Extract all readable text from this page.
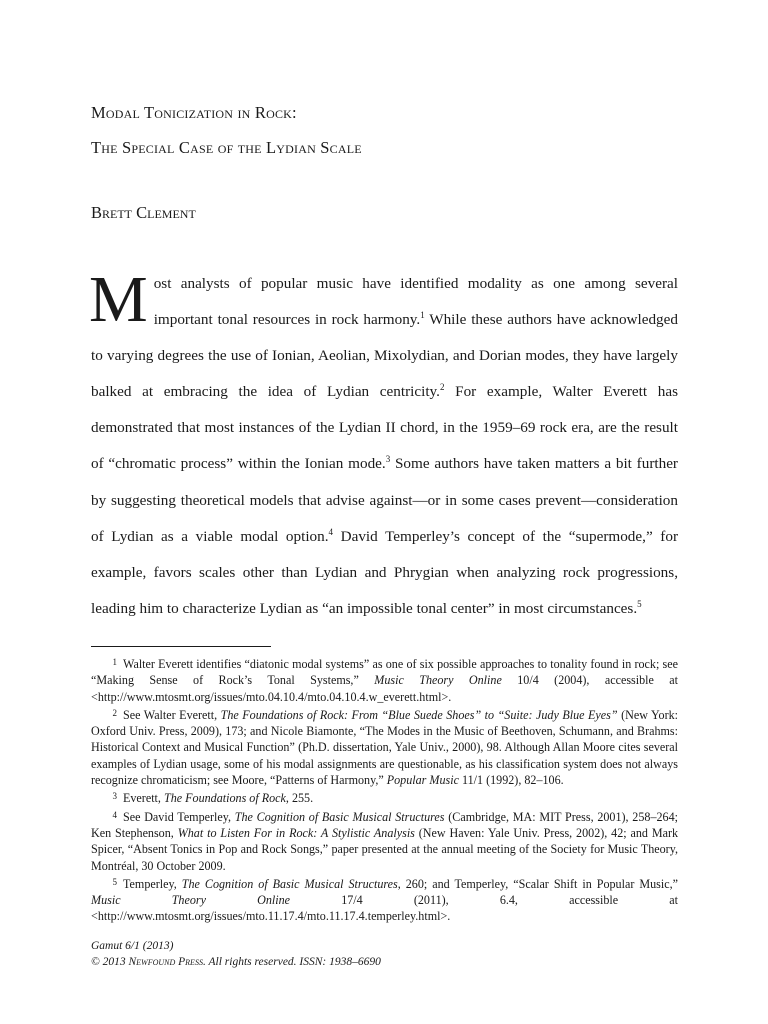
Modal Tonicization in Rock:
The Special Case of the Lydian Scale
Brett Clement
Most analysts of popular music have identified modality as one among several important tonal resources in rock harmony.$^1$ While these authors have acknowledged to varying degrees the use of Ionian, Aeolian, Mixolydian, and Dorian modes, they have largely balked at embracing the idea of Lydian centricity.$^2$ For example, Walter Everett has demonstrated that most instances of the Lydian II chord, in the 1959–69 rock era, are the result of “chromatic process” within the Ionian mode.$^3$ Some authors have taken matters a bit further by suggesting theoretical models that advise against—or in some cases prevent—consideration of Lydian as a viable modal option.$^4$ David Temperley’s concept of the “supermode,” for example, favors scales other than Lydian and Phrygian when analyzing rock progressions, leading him to characterize Lydian as “an impossible tonal center” in most circumstances.$^5$

1 Walter Everett identifies “diatonic modal systems” as one of six possible approaches to tonality found in rock; see “Making Sense of Rock’s Tonal Systems,” Music Theory Online 10/4 (2004), accessible at <http://www.mtosmt.org/issues/mto.04.10.4/mto.04.10.4.w_everett.html>.

2 See Walter Everett, The Foundations of Rock: From “Blue Suede Shoes” to “Suite: Judy Blue Eyes” (New York: Oxford Univ. Press, 2009), 173; and Nicole Biamonte, “The Modes in the Music of Beethoven, Schumann, and Brahms: Historical Context and Musical Function” (Ph.D. dissertation, Yale Univ., 2000), 98. Although Allan Moore cites several examples of Lydian usage, some of his modal assignments are questionable, as his classification system does not always recognize chromaticism; see Moore, “Patterns of Harmony,” Popular Music 11/1 (1992), 82–106.

3 Everett, The Foundations of Rock, 255.

4 See David Temperley, The Cognition of Basic Musical Structures (Cambridge, MA: MIT Press, 2001), 258–264; Ken Stephenson, What to Listen For in Rock: A Stylistic Analysis (New Haven: Yale Univ. Press, 2002), 42; and Mark Spicer, “Absent Tonics in Pop and Rock Songs,” paper presented at the annual meeting of the Society for Music Theory, Montréal, 30 October 2009.

5 Temperley, The Cognition of Basic Musical Structures, 260; and Temperley, “Scalar Shift in Popular Music,” Music Theory Online 17/4 (2011), 6.4, accessible at <http://www.mtosmt.org/issues/mto.11.17.4/mto.11.17.4.temperley.html>.

Gamut 6/1 (2013)
© 2013 Newfound Press. All rights reserved. ISSN: 1938–6690
